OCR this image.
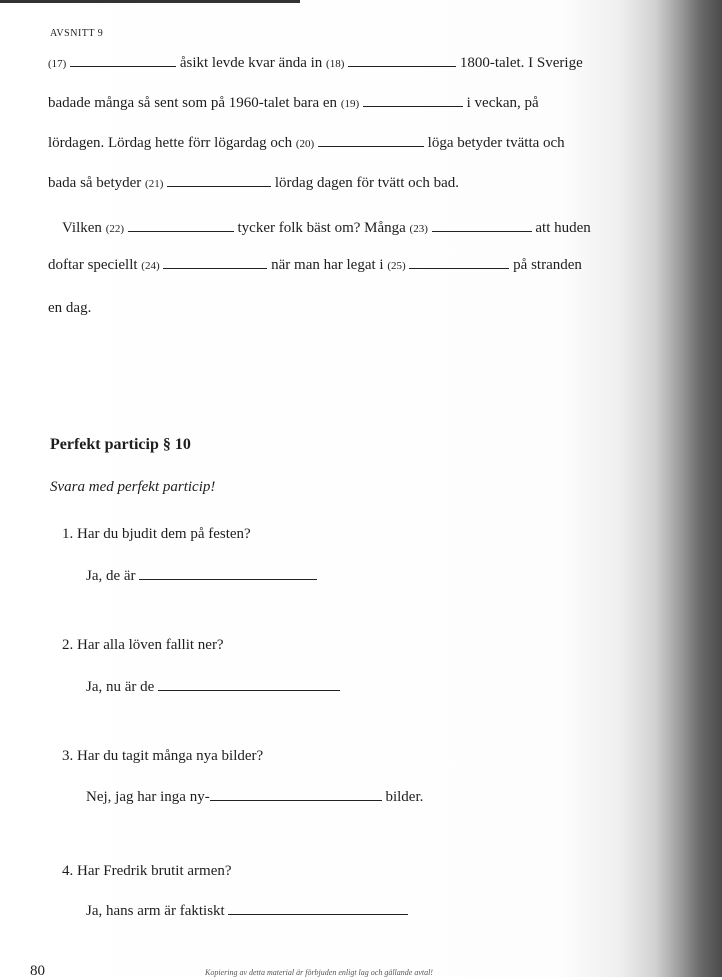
AVSNITT 9
(17)	åsikt levde kvar ända in (18)	1800-talet. I Sverige
badade många så sent som på 1960-talet bara en (19)	i veckan, på
lördagen. Lördag hette förr lögardag och (20)	löga betyder tvätta och
bada så betyder (21)	lördag dagen för tvätt och bad.
Vilken (22)	tycker folk bäst om? Många (23)	att huden
doftar speciellt (24)	när man har legat i (25)	på stranden
en dag.
Perfekt particip § 10
Svara med perfekt particip!
1. Har du bjudit dem på festen?
Ja, de är
2. Har alla löven fallit ner?
Ja, nu är de
3. Har du tagit många nya bilder?
Nej, jag har inga ny-	bilder.
4. Har Fredrik brutit armen?
Ja, hans arm är faktiskt
80	Kopiering av detta material är förbjuden enligt lag och gällande avtal!
